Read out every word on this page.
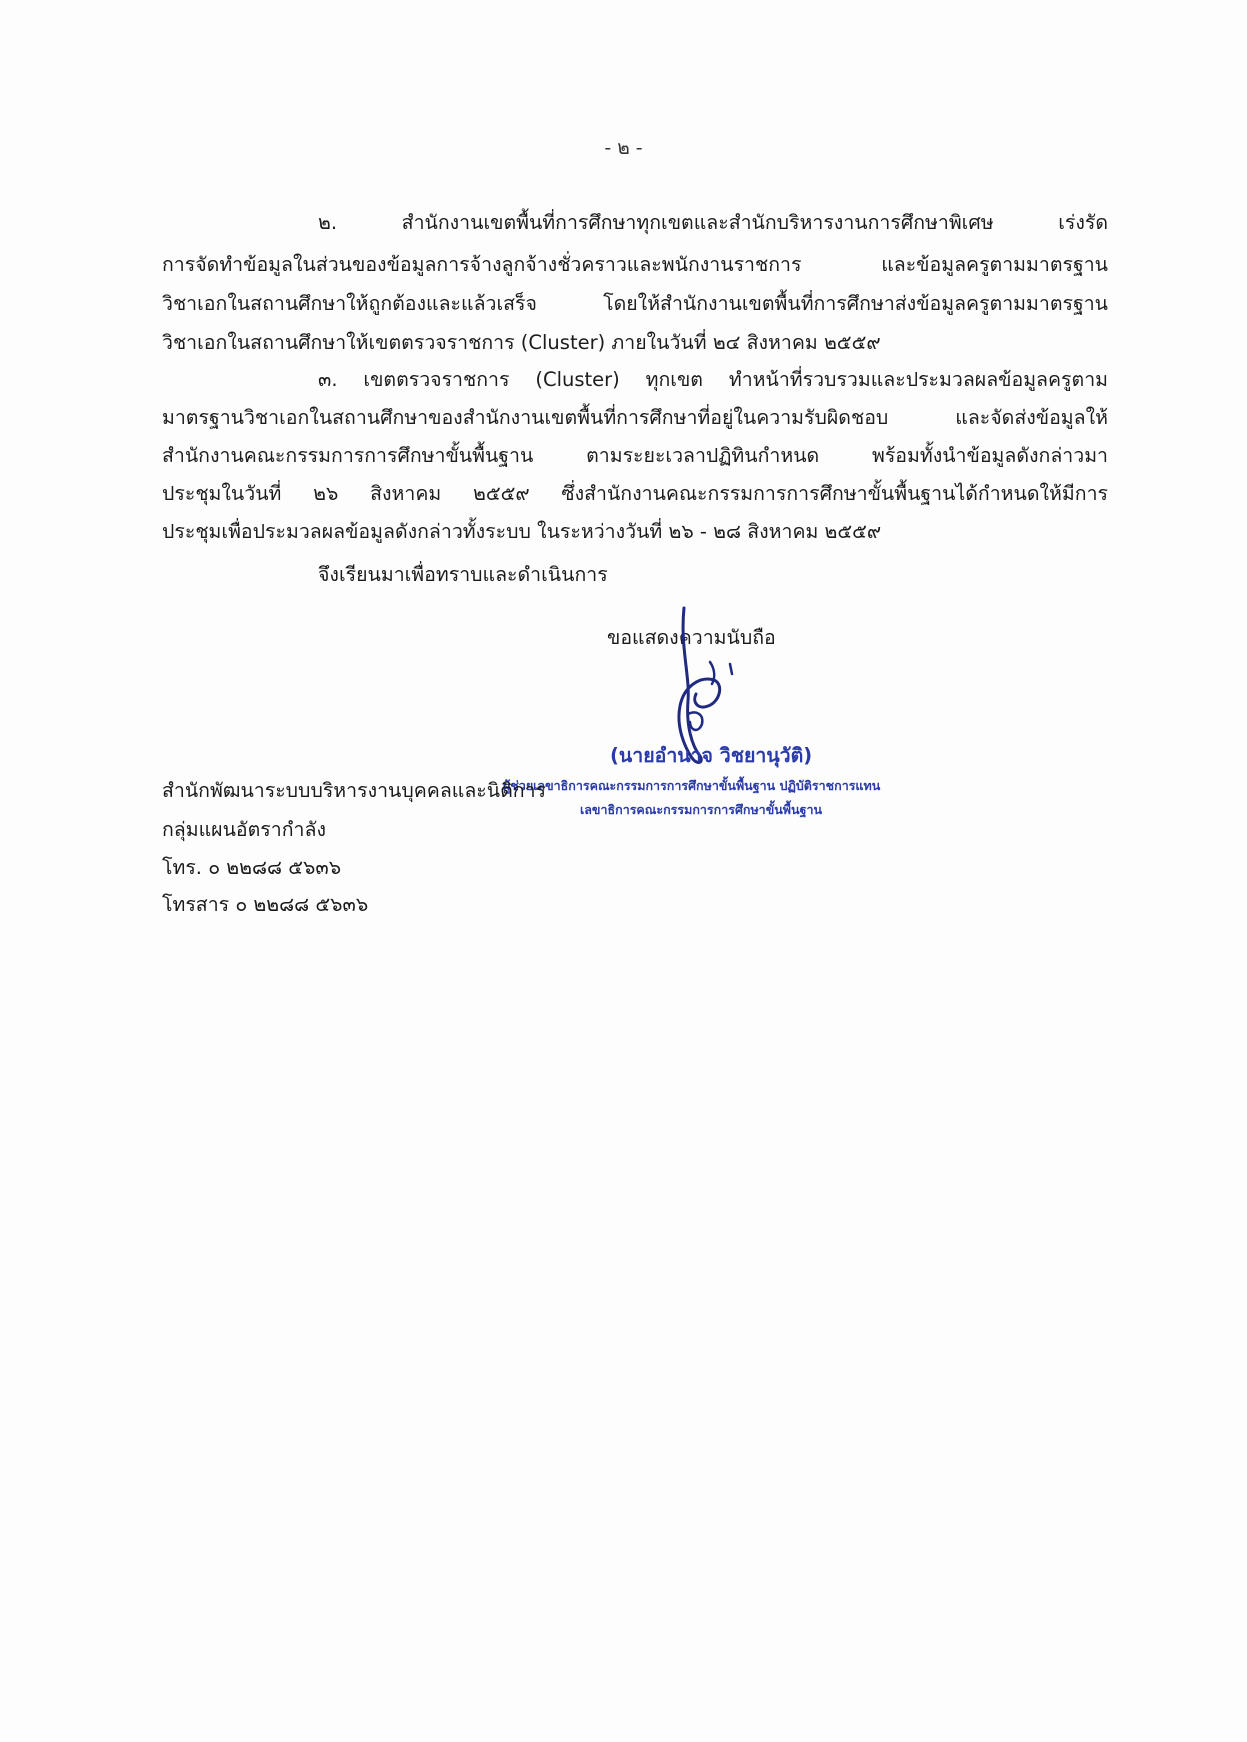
- ๒ -
๒. สำนักงานเขตพื้นที่การศึกษาทุกเขตและสำนักบริหารงานการศึกษาพิเศษ เร่งรัด
การจัดทำข้อมูลในส่วนของข้อมูลการจ้างลูกจ้างชั่วคราวและพนักงานราชการ และข้อมูลครูตามมาตรฐาน
วิชาเอกในสถานศึกษาให้ถูกต้องและแล้วเสร็จ โดยให้สำนักงานเขตพื้นที่การศึกษาส่งข้อมูลครูตามมาตรฐาน
วิชาเอกในสถานศึกษาให้เขตตรวจราชการ (Cluster) ภายในวันที่ ๒๔ สิงหาคม ๒๕๕๙
๓. เขตตรวจราชการ (Cluster) ทุกเขต ทำหน้าที่รวบรวมและประมวลผลข้อมูลครูตาม
มาตรฐานวิชาเอกในสถานศึกษาของสำนักงานเขตพื้นที่การศึกษาที่อยู่ในความรับผิดชอบ และจัดส่งข้อมูลให้
สำนักงานคณะกรรมการการศึกษาขั้นพื้นฐาน ตามระยะเวลาปฏิทินกำหนด พร้อมทั้งนำข้อมูลดังกล่าวมา
ประชุมในวันที่ ๒๖ สิงหาคม ๒๕๕๙ ซึ่งสำนักงานคณะกรรมการการศึกษาขั้นพื้นฐานได้กำหนดให้มีการ
ประชุมเพื่อประมวลผลข้อมูลดังกล่าวทั้งระบบ ในระหว่างวันที่ ๒๖ - ๒๘ สิงหาคม ๒๕๕๙
จึงเรียนมาเพื่อทราบและดำเนินการ
ขอแสดงความนับถือ
(นายอำนาจ วิชยานุวัติ)
ผู้ช่วยเลขาธิการคณะกรรมการการศึกษาขั้นพื้นฐาน ปฏิบัติราชการแทน
เลขาธิการคณะกรรมการการศึกษาขั้นพื้นฐาน
สำนักพัฒนาระบบบริหารงานบุคคลและนิติการ
กลุ่มแผนอัตรากำลัง
โทร. ๐ ๒๒๘๘ ๕๖๓๖
โทรสาร ๐ ๒๒๘๘ ๕๖๓๖
